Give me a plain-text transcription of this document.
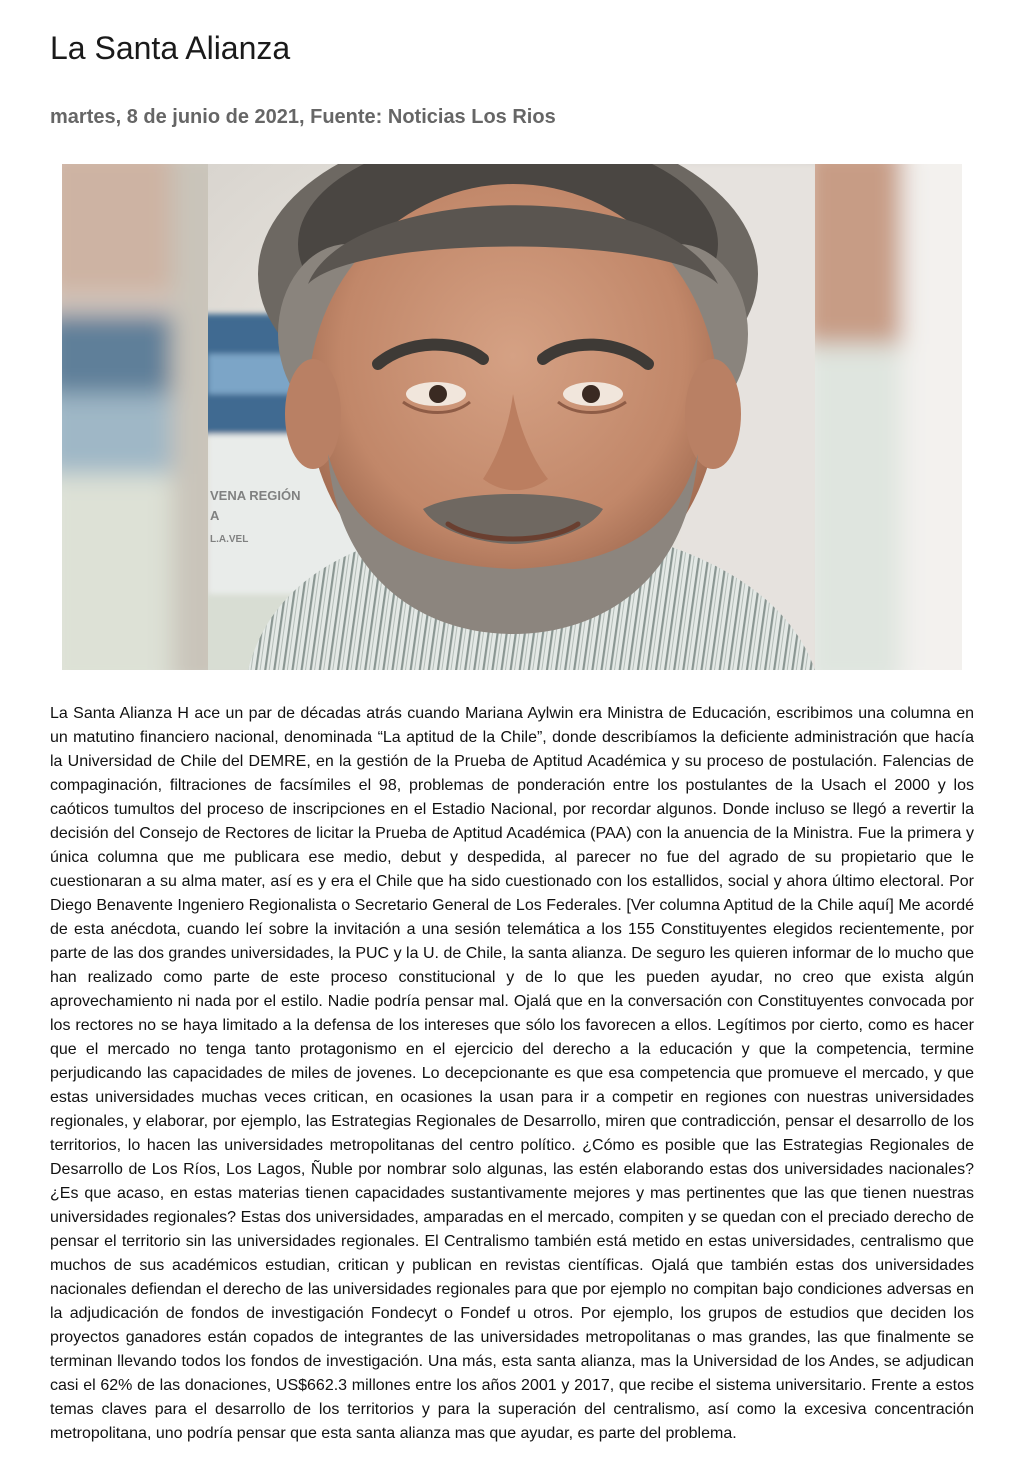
La Santa Alianza
martes, 8 de junio de 2021, Fuente: Noticias Los Rios
VENA REGIÓN
A
L.A.VEL

La Santa Alianza H ace un par de décadas atrás cuando Mariana Aylwin era Ministra de Educación, escribimos una columna en un matutino financiero nacional, denominada “La aptitud de la Chile”, donde describíamos la deficiente administración que hacía la Universidad de Chile del DEMRE, en la gestión de la Prueba de Aptitud Académica y su proceso de postulación. Falencias de compaginación, filtraciones de facsímiles el 98, problemas de ponderación entre los postulantes de la Usach el 2000 y los caóticos tumultos del proceso de inscripciones en el Estadio Nacional, por recordar algunos. Donde incluso se llegó a revertir la decisión del Consejo de Rectores de licitar la Prueba de Aptitud Académica (PAA) con la anuencia de la Ministra. Fue la primera y única columna que me publicara ese medio, debut y despedida, al parecer no fue del agrado de su propietario que le cuestionaran a su alma mater, así es y era el Chile que ha sido cuestionado con los estallidos, social y ahora último electoral. Por Diego Benavente Ingeniero Regionalista o Secretario General de Los Federales. [Ver columna Aptitud de la Chile aquí] Me acordé de esta anécdota, cuando leí sobre la invitación a una sesión telemática a los 155 Constituyentes elegidos recientemente, por parte de las dos grandes universidades, la PUC y la U. de Chile, la santa alianza. De seguro les quieren informar de lo mucho que han realizado como parte de este proceso constitucional y de lo que les pueden ayudar, no creo que exista algún aprovechamiento ni nada por el estilo. Nadie podría pensar mal. Ojalá que en la conversación con Constituyentes convocada por los rectores no se haya limitado a la defensa de los intereses que sólo los favorecen a ellos. Legítimos por cierto, como es hacer que el mercado no tenga tanto protagonismo en el ejercicio del derecho a la educación y que la competencia, termine perjudicando las capacidades de miles de jovenes. Lo decepcionante es que esa competencia que promueve el mercado, y que estas universidades muchas veces critican, en ocasiones la usan para ir a competir en regiones con nuestras universidades regionales, y elaborar, por ejemplo, las Estrategias Regionales de Desarrollo, miren que contradicción, pensar el desarrollo de los territorios, lo hacen las universidades metropolitanas del centro político. ¿Cómo es posible que las Estrategias Regionales de Desarrollo de Los Ríos, Los Lagos, Ñuble por nombrar solo algunas, las estén elaborando estas dos universidades nacionales? ¿Es que acaso, en estas materias tienen capacidades sustantivamente mejores y mas pertinentes que las que tienen nuestras universidades regionales? Estas dos universidades, amparadas en el mercado, compiten y se quedan con el preciado derecho de pensar el territorio sin las universidades regionales. El Centralismo también está metido en estas universidades, centralismo que muchos de sus académicos estudian, critican y publican en revistas científicas. Ojalá que también estas dos universidades nacionales defiendan el derecho de las universidades regionales para que por ejemplo no compitan bajo condiciones adversas en la adjudicación de fondos de investigación Fondecyt o Fondef u otros. Por ejemplo, los grupos de estudios que deciden los proyectos ganadores están copados de integrantes de las universidades metropolitanas o mas grandes, las que finalmente se terminan llevando todos los fondos de investigación. Una más, esta santa alianza, mas la Universidad de los Andes, se adjudican casi el 62% de las donaciones, US$662.3 millones entre los años 2001 y 2017, que recibe el sistema universitario. Frente a estos temas claves para el desarrollo de los territorios y para la superación del centralismo, así como la excesiva concentración metropolitana, uno podría pensar que esta santa alianza mas que ayudar, es parte del problema.
